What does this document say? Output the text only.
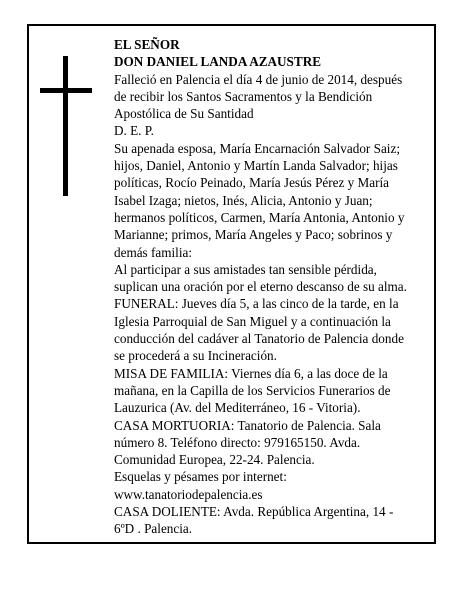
EL SEÑOR
DON DANIEL LANDA AZAUSTRE
Falleció en Palencia el día 4 de junio de 2014, después
de recibir los Santos Sacramentos y la Bendición
Apostólica de Su Santidad
D. E. P.
Su apenada esposa, María Encarnación Salvador Saiz;
hijos, Daniel, Antonio y Martín Landa Salvador; hijas
políticas, Rocío Peinado, María Jesús Pérez y María
Isabel Izaga; nietos, Inés, Alicia, Antonio y Juan;
hermanos políticos, Carmen, María Antonia, Antonio y
Marianne; primos, María Angeles y Paco; sobrinos y
demás familia:
Al participar a sus amistades tan sensible pérdida,
suplican una oración por el eterno descanso de su alma.
FUNERAL: Jueves día 5, a las cinco de la tarde, en la
Iglesia Parroquial de San Miguel y a continuación la
conducción del cadáver al Tanatorio de Palencia donde
se procederá a su Incineración.
MISA DE FAMILIA: Viernes día 6, a las doce de la
mañana, en la Capilla de los Servicios Funerarios de
Lauzurica (Av. del Mediterráneo, 16 - Vitoria).
CASA MORTUORIA: Tanatorio de Palencia. Sala
número 8. Teléfono directo: 979165150. Avda.
Comunidad Europea, 22-24. Palencia.
Esquelas y pésames por internet:
www.tanatoriodepalencia.es
CASA DOLIENTE: Avda. República Argentina, 14 -
6ºD . Palencia.
